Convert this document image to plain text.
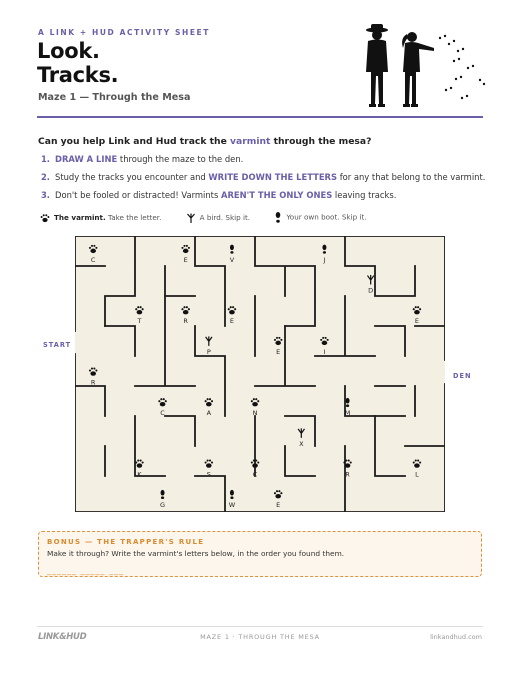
A LINK + HUD ACTIVITY SHEET
Look.
Tracks.
Maze 1 — Through the Mesa
Can you help Link and Hud track the varmint through the mesa?
1. DRAW A LINE through the maze to the den.
2. Study the tracks you encounter and WRITE DOWN THE LETTERS for any that belong to the varmint.
3. Don't be fooled or distracted! Varmints AREN'T THE ONLY ONES leaving tracks.
The varmint. Take the letter.	A bird. Skip it.	Your own boot. Skip it.
START
DEN
C	E	V	J
D
T	R	E	E
P	E	I
R
C	A	N	M
X
K	S	C	R	L
G	W	E
BONUS — THE TRAPPER'S RULE
Make it through? Write the varmint's letters below, in the order you found them.
______ _____ ___
LINK&HUD	MAZE 1 · THROUGH THE MESA	linkandhud.com
